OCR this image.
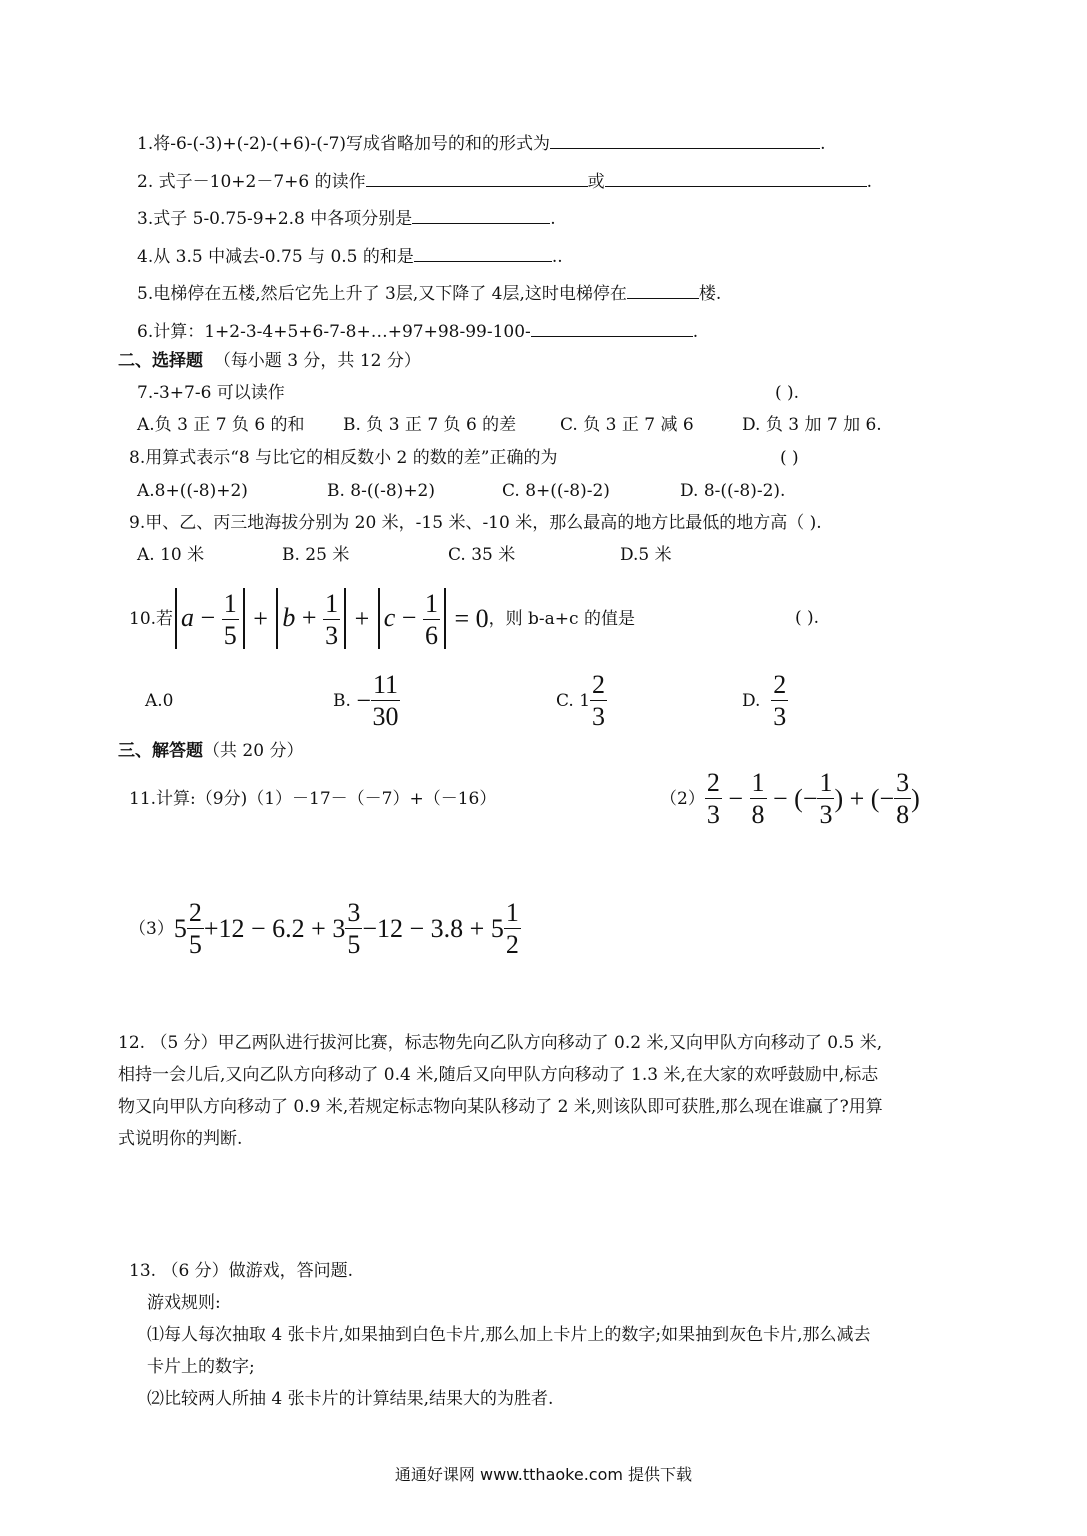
1.将-6-(-3)+(-2)-(+6)-(-7)写成省略加号的和的形式为	.
2. 式子－10+2－7+6 的读作	或	.
3.式子 5-0.75-9+2.8 中各项分别是	.
4.从 3.5 中减去-0.75 与 0.5 的和是	..
5.电梯停在五楼,然后它先上升了 3层,又下降了 4层,这时电梯停在	楼.
6.计算：1+2-3-4+5+6-7-8+…+97+98-99-100-	.
二、选择题 （每小题 3 分，共 12 分）
7.-3+7-6 可以读作	( ).
A.负 3 正 7 负 6 的和 B. 负 3 正 7 负 6 的差	C. 负 3 正 7 减 6	D. 负 3 加 7 加 6.
8.用算式表示“8 与比它的相反数小 2 的数的差”正确的为	( )
A.8+((-8)+2)	B. 8-((-8)+2)	C. 8+((-8)-2)	D. 8-((-8)-2).
9.甲、乙、丙三地海拔分别为 20 米，-15 米、-10 米，那么最高的地方比最低的地方高（ ).
A. 10 米	B. 25 米	C. 35 米	D.5 米
10.若 $a - \frac{1}{5} + b + \frac{1}{3} + c - \frac{1}{6}$
= 0 ，则 b-a+c 的值是	( ).
A.0	B.
− $\frac{11}{30}$	C.
$1 \frac{2}{3}$	D.
$\frac{2}{3}$
三、解答题（共 20 分）
11.计算:（9分)（1）－17－（－7）+（－16）	$(2) \frac{2}{3} - \frac{1}{8}$ − (− $\frac{1}{3}$ ) + (− $\frac{3}{8}$ )
（3） $5 \frac{2}{5} +12 - 6.2 + 3 \frac{3}{5} -12 - 3.8 + 5 \frac{1}{2}$
12. （5 分）甲乙两队进行拔河比赛，标志物先向乙队方向移动了 0.2 米,又向甲队方向移动了 0.5 米,
相持一会儿后,又向乙队方向移动了 0.4 米,随后又向甲队方向移动了 1.3 米,在大家的欢呼鼓励中,标志
物又向甲队方向移动了 0.9 米,若规定标志物向某队移动了 2 米,则该队即可获胜,那么现在谁赢了?用算
式说明你的判断.
13. （6 分）做游戏，答问题.
游戏规则:
⑴每人每次抽取 4 张卡片,如果抽到白色卡片,那么加上卡片上的数字;如果抽到灰色卡片,那么减去
卡片上的数字;
⑵比较两人所抽 4 张卡片的计算结果,结果大的为胜者.
通通好课网 www.tthaoke.com 提供下载
